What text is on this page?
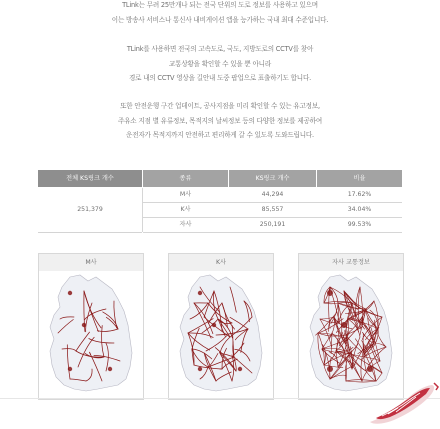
TLink는 무려 25만개나 되는 전국 단위의 도로 정보를 사용하고 있으며
이는 방송사 서비스나 통신사 내비게이션 앱을 능가하는 국내 최대 수준입니다.
TLink를 사용하면 전국의 고속도로, 국도, 지방도로의 CCTV를 찾아
교통상황을 확인할 수 있을 뿐 아니라
경로 내의 CCTV 영상을 길안내 도중 팝업으로 표출하기도 합니다.
또한 안전운행 구간 업데이트, 공사지점을 미리 확인할 수 있는 유고정보,
주유소 지점 별 유류정보, 목적지의 날씨정보 등의 다양한 정보를 제공하여
운전자가 목적지까지 안전하고 편리하게 갈 수 있도록 도와드립니다.
전체 KS링크 개수	종류	KS링크 개수	비율
251,379
M사	44,294	17.62%
K사	85,557	34.04%
자사	250,191	99.53%
M사	K사	자사 교통정보
